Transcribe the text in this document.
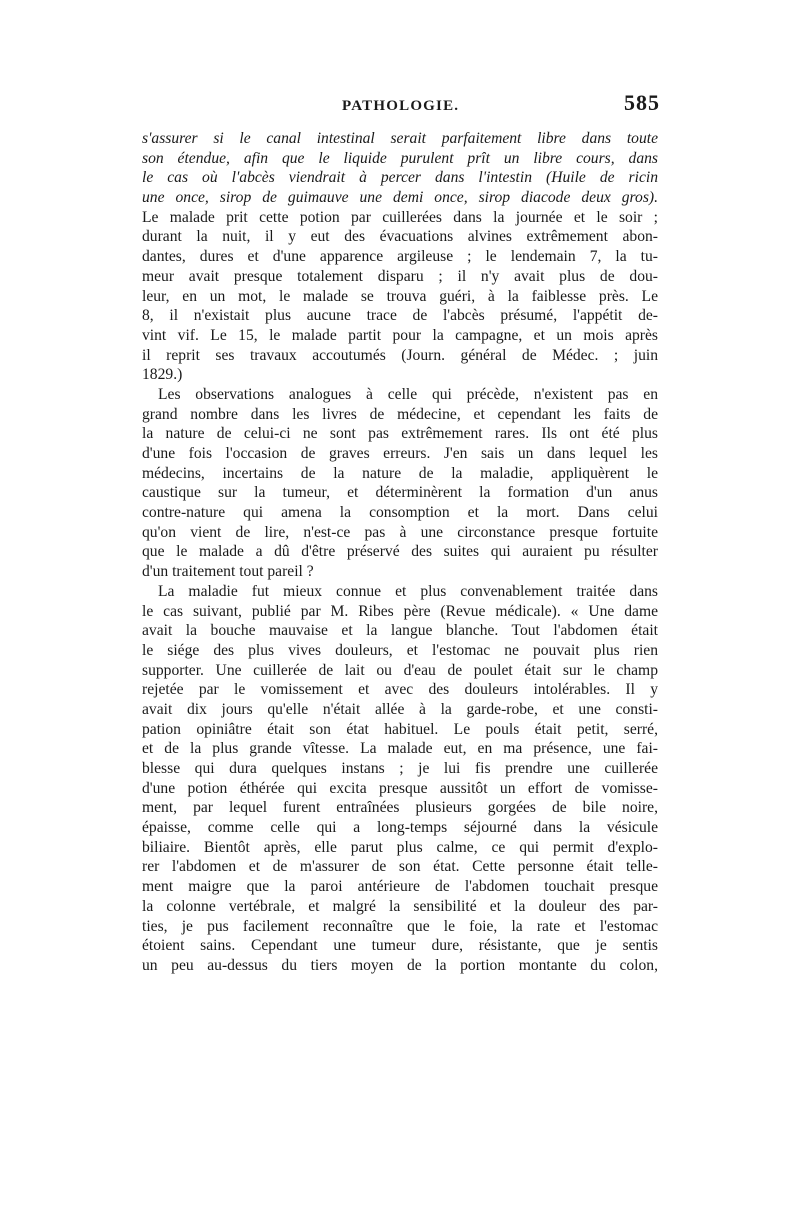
PATHOLOGIE.	585
s'assurer si le canal intestinal serait parfaitement libre dans toute
son étendue, afin que le liquide purulent prît un libre cours, dans
le cas où l'abcès viendrait à percer dans l'intestin (Huile de ricin
une once, sirop de guimauve une demi once, sirop diacode deux gros).
Le malade prit cette potion par cuillerées dans la journée et le soir ;
durant la nuit, il y eut des évacuations alvines extrêmement abon-
dantes, dures et d'une apparence argileuse ; le lendemain 7, la tu-
meur avait presque totalement disparu ; il n'y avait plus de dou-
leur, en un mot, le malade se trouva guéri, à la faiblesse près. Le
8, il n'existait plus aucune trace de l'abcès présumé, l'appétit de-
vint vif. Le 15, le malade partit pour la campagne, et un mois après
il reprit ses travaux accoutumés (Journ. général de Médec. ; juin
1829.)
Les observations analogues à celle qui précède, n'existent pas en
grand nombre dans les livres de médecine, et cependant les faits de
la nature de celui-ci ne sont pas extrêmement rares. Ils ont été plus
d'une fois l'occasion de graves erreurs. J'en sais un dans lequel les
médecins, incertains de la nature de la maladie, appliquèrent le
caustique sur la tumeur, et déterminèrent la formation d'un anus
contre-nature qui amena la consomption et la mort. Dans celui
qu'on vient de lire, n'est-ce pas à une circonstance presque fortuite
que le malade a dû d'être préservé des suites qui auraient pu résulter
d'un traitement tout pareil ?
La maladie fut mieux connue et plus convenablement traitée dans
le cas suivant, publié par M. Ribes père (Revue médicale). « Une dame
avait la bouche mauvaise et la langue blanche. Tout l'abdomen était
le siége des plus vives douleurs, et l'estomac ne pouvait plus rien
supporter. Une cuillerée de lait ou d'eau de poulet était sur le champ
rejetée par le vomissement et avec des douleurs intolérables. Il y
avait dix jours qu'elle n'était allée à la garde-robe, et une consti-
pation opiniâtre était son état habituel. Le pouls était petit, serré,
et de la plus grande vîtesse. La malade eut, en ma présence, une fai-
blesse qui dura quelques instans ; je lui fis prendre une cuillerée
d'une potion éthérée qui excita presque aussitôt un effort de vomisse-
ment, par lequel furent entraînées plusieurs gorgées de bile noire,
épaisse, comme celle qui a long-temps séjourné dans la vésicule
biliaire. Bientôt après, elle parut plus calme, ce qui permit d'explo-
rer l'abdomen et de m'assurer de son état. Cette personne était telle-
ment maigre que la paroi antérieure de l'abdomen touchait presque
la colonne vertébrale, et malgré la sensibilité et la douleur des par-
ties, je pus facilement reconnaître que le foie, la rate et l'estomac
étoient sains. Cependant une tumeur dure, résistante, que je sentis
un peu au-dessus du tiers moyen de la portion montante du colon,
